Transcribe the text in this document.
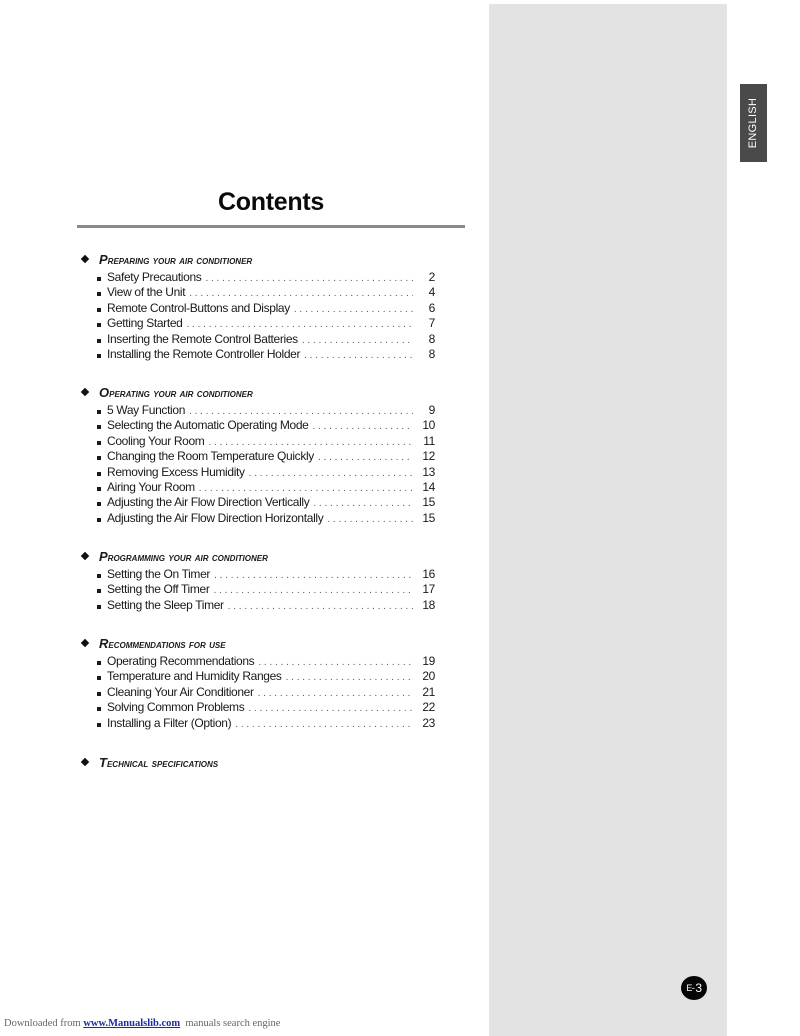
ENGLISH
Contents
Preparing your air conditioner
Safety Precautions . . .	2
View of the Unit . . .	4
Remote Control-Buttons and Display . . .	6
Getting Started . . .	7
Inserting the Remote Control Batteries . . .	8
Installing the Remote Controller Holder . . .	8
Operating your air conditioner
5 Way Function . . .	9
Selecting the Automatic Operating Mode . . .	10
Cooling Your Room . . .	11
Changing the Room Temperature Quickly . . .	12
Removing Excess Humidity . . .	13
Airing Your Room . . .	14
Adjusting the Air Flow Direction Vertically . . .	15
Adjusting the Air Flow Direction Horizontally . . .	15
Programming your air conditioner
Setting the On Timer . . .	16
Setting the Off Timer . . .	17
Setting the Sleep Timer . . .	18
Recommendations for use
Operating Recommendations . . .	19
Temperature and Humidity Ranges . . .	20
Cleaning Your Air Conditioner . . .	21
Solving Common Problems . . .	22
Installing a Filter (Option) . . .	23
Technical specifications
E- 3
Downloaded from www.Manualslib.com  manuals search engine
